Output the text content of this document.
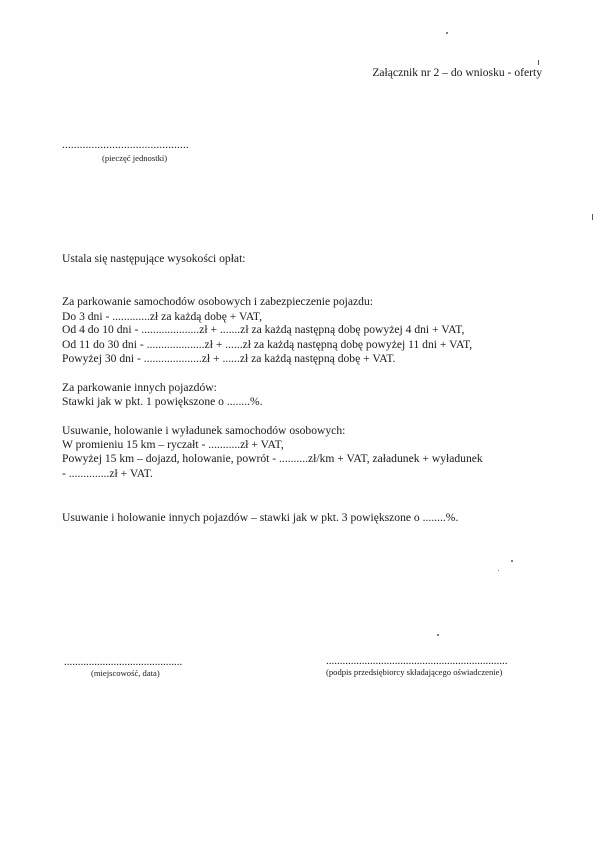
Załącznik nr 2 – do wniosku - oferty
...........................................
(pieczęć jednostki)
Ustala się następujące wysokości opłat:
Za parkowanie samochodów osobowych i zabezpieczenie pojazdu:
Do 3 dni - .............zł za każdą dobę + VAT,
Od 4 do 10 dni - ....................zł + .......zł za każdą następną dobę powyżej 4 dni + VAT,
Od 11 do 30 dni - ....................zł + ......zł za każdą następną dobę powyżej 11 dni + VAT,
Powyżej 30 dni - ....................zł + ......zł za każdą następną dobę + VAT.
Za parkowanie innych pojazdów:
Stawki jak w pkt. 1 powiększone o ........%.
Usuwanie, holowanie i wyładunek samochodów osobowych:
W promieniu 15 km – ryczałt - ...........zł + VAT,
Powyżej 15 km – dojazd, holowanie, powrót - ..........zł/km + VAT, załadunek + wyładunek
- ..............zł + VAT.
Usuwanie i holowanie innych pojazdów – stawki jak w pkt. 3 powiększone o ........%.
...........................................
(miejscowość, data)
..................................................................
(podpis przedsiębiorcy składającego oświadczenie)
